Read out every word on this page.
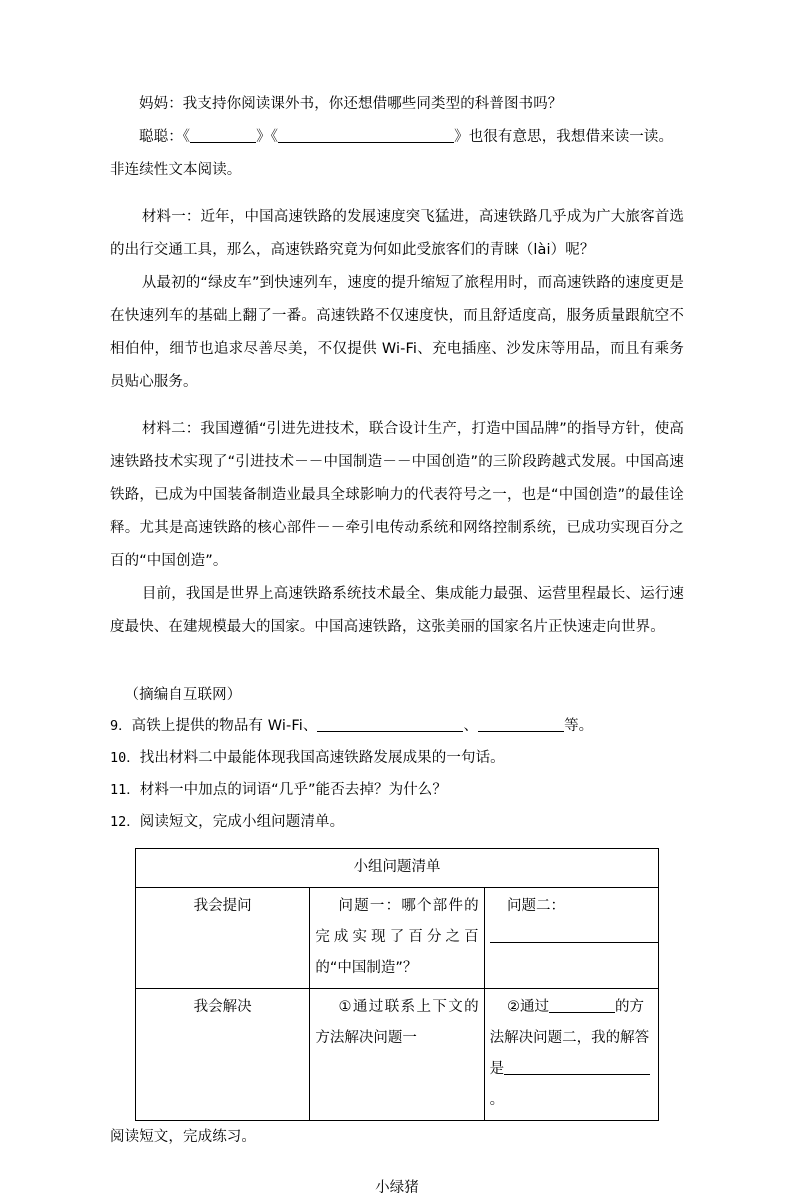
妈妈：我支持你阅读课外书，你还想借哪些同类型的科普图书吗？

聪聪：《	》《	》也很有意思，我想借来读一读。

非连续性文本阅读。

材料一：近年，中国高速铁路的发展速度突飞猛进，高速铁路几乎成为广大旅客首选的出行交通工具，那么，高速铁路究竟为何如此受旅客们的青睐（lài）呢？

从最初的“绿皮车”到快速列车，速度的提升缩短了旅程用时，而高速铁路的速度更是在快速列车的基础上翻了一番。高速铁路不仅速度快，而且舒适度高，服务质量跟航空不相伯仲，细节也追求尽善尽美，不仅提供 Wi-Fi、充电插座、沙发床等用品，而且有乘务员贴心服务。

材料二：我国遵循“引进先进技术，联合设计生产，打造中国品牌”的指导方针，使高速铁路技术实现了“引进技术－－中国制造－－中国创造”的三阶段跨越式发展。中国高速铁路，已成为中国装备制造业最具全球影响力的代表符号之一，也是“中国创造”的最佳诠释。尤其是高速铁路的核心部件－－牵引电传动系统和网络控制系统，已成功实现百分之百的“中国创造”。

目前，我国是世界上高速铁路系统技术最全、集成能力最强、运营里程最长、运行速度最快、在建规模最大的国家。中国高速铁路，这张美丽的国家名片正快速走向世界。

（摘编自互联网）

9．高铁上提供的物品有 Wi-Fi、	、	等。

10．找出材料二中最能体现我国高速铁路发展成果的一句话。

11．材料一中加点的词语“几乎”能否去掉？为什么？

12．阅读短文，完成小组问题清单。

小组问题清单		
我会提问	问题一：哪个部件的完成实现了百分之百的“中国制造”？	问题二：
我会解决	①通过联系上下文的方法解决问题一	②通过 的方法解决问题二，我的解答是。

阅读短文，完成练习。

小绿猪
